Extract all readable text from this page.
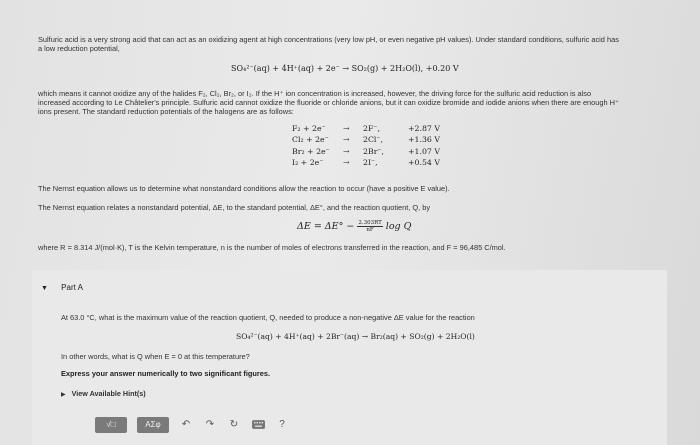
Sulfuric acid is a very strong acid that can act as an oxidizing agent at high concentrations (very low pH, or even negative pH values). Under standard conditions, sulfuric acid has

a low reduction potential,

SO₄²⁻(aq) + 4H⁺(aq) + 2e⁻ → SO₂(g) + 2H₂O(l), +0.20 V

which means it cannot oxidize any of the halides F₂, Cl₂, Br₂, or I₂. If the H⁺ ion concentration is increased, however, the driving force for the sulfuric acid reduction is also

increased according to Le Châtelier's principle. Sulfuric acid cannot oxidize the fluoride or chloride anions, but it can oxidize bromide and iodide anions when there are enough H⁺

ions present. The standard reduction potentials of the halogens are as follows:

F₂ + 2e⁻ → 2F⁻,	+2.87 V
Cl₂ + 2e⁻ → 2Cl⁻,	+1.36 V
Br₂ + 2e⁻ → 2Br⁻,	+1.07 V
I₂ + 2e⁻	→ 2I⁻,	+0.54 V

The Nernst equation allows us to determine what nonstandard conditions allow the reaction to occur (have a positive E value).

The Nernst equation relates a nonstandard potential, ΔE, to the standard potential, ΔE°, and the reaction quotient, Q, by

$\Delta E = \Delta E^\circ - \frac{2.303RT}{nF}$ log Q

where R = 8.314 J/(mol·K), T is the Kelvin temperature, n is the number of moles of electrons transferred in the reaction, and F = 96,485 C/mol.

▼ Part A

At 63.0 °C, what is the maximum value of the reaction quotient, Q, needed to produce a non-negative ΔE value for the reaction

SO₄²⁻(aq) + 4H⁺(aq) + 2Br⁻(aq) → Br₂(aq) + SO₂(g) + 2H₂O(l)

In other words, what is Q when E = 0 at this temperature?

Express your answer numerically to two significant figures.

▶ View Available Hint(s)
√□	ΑΣφ ↶ ↷ ↻	?
